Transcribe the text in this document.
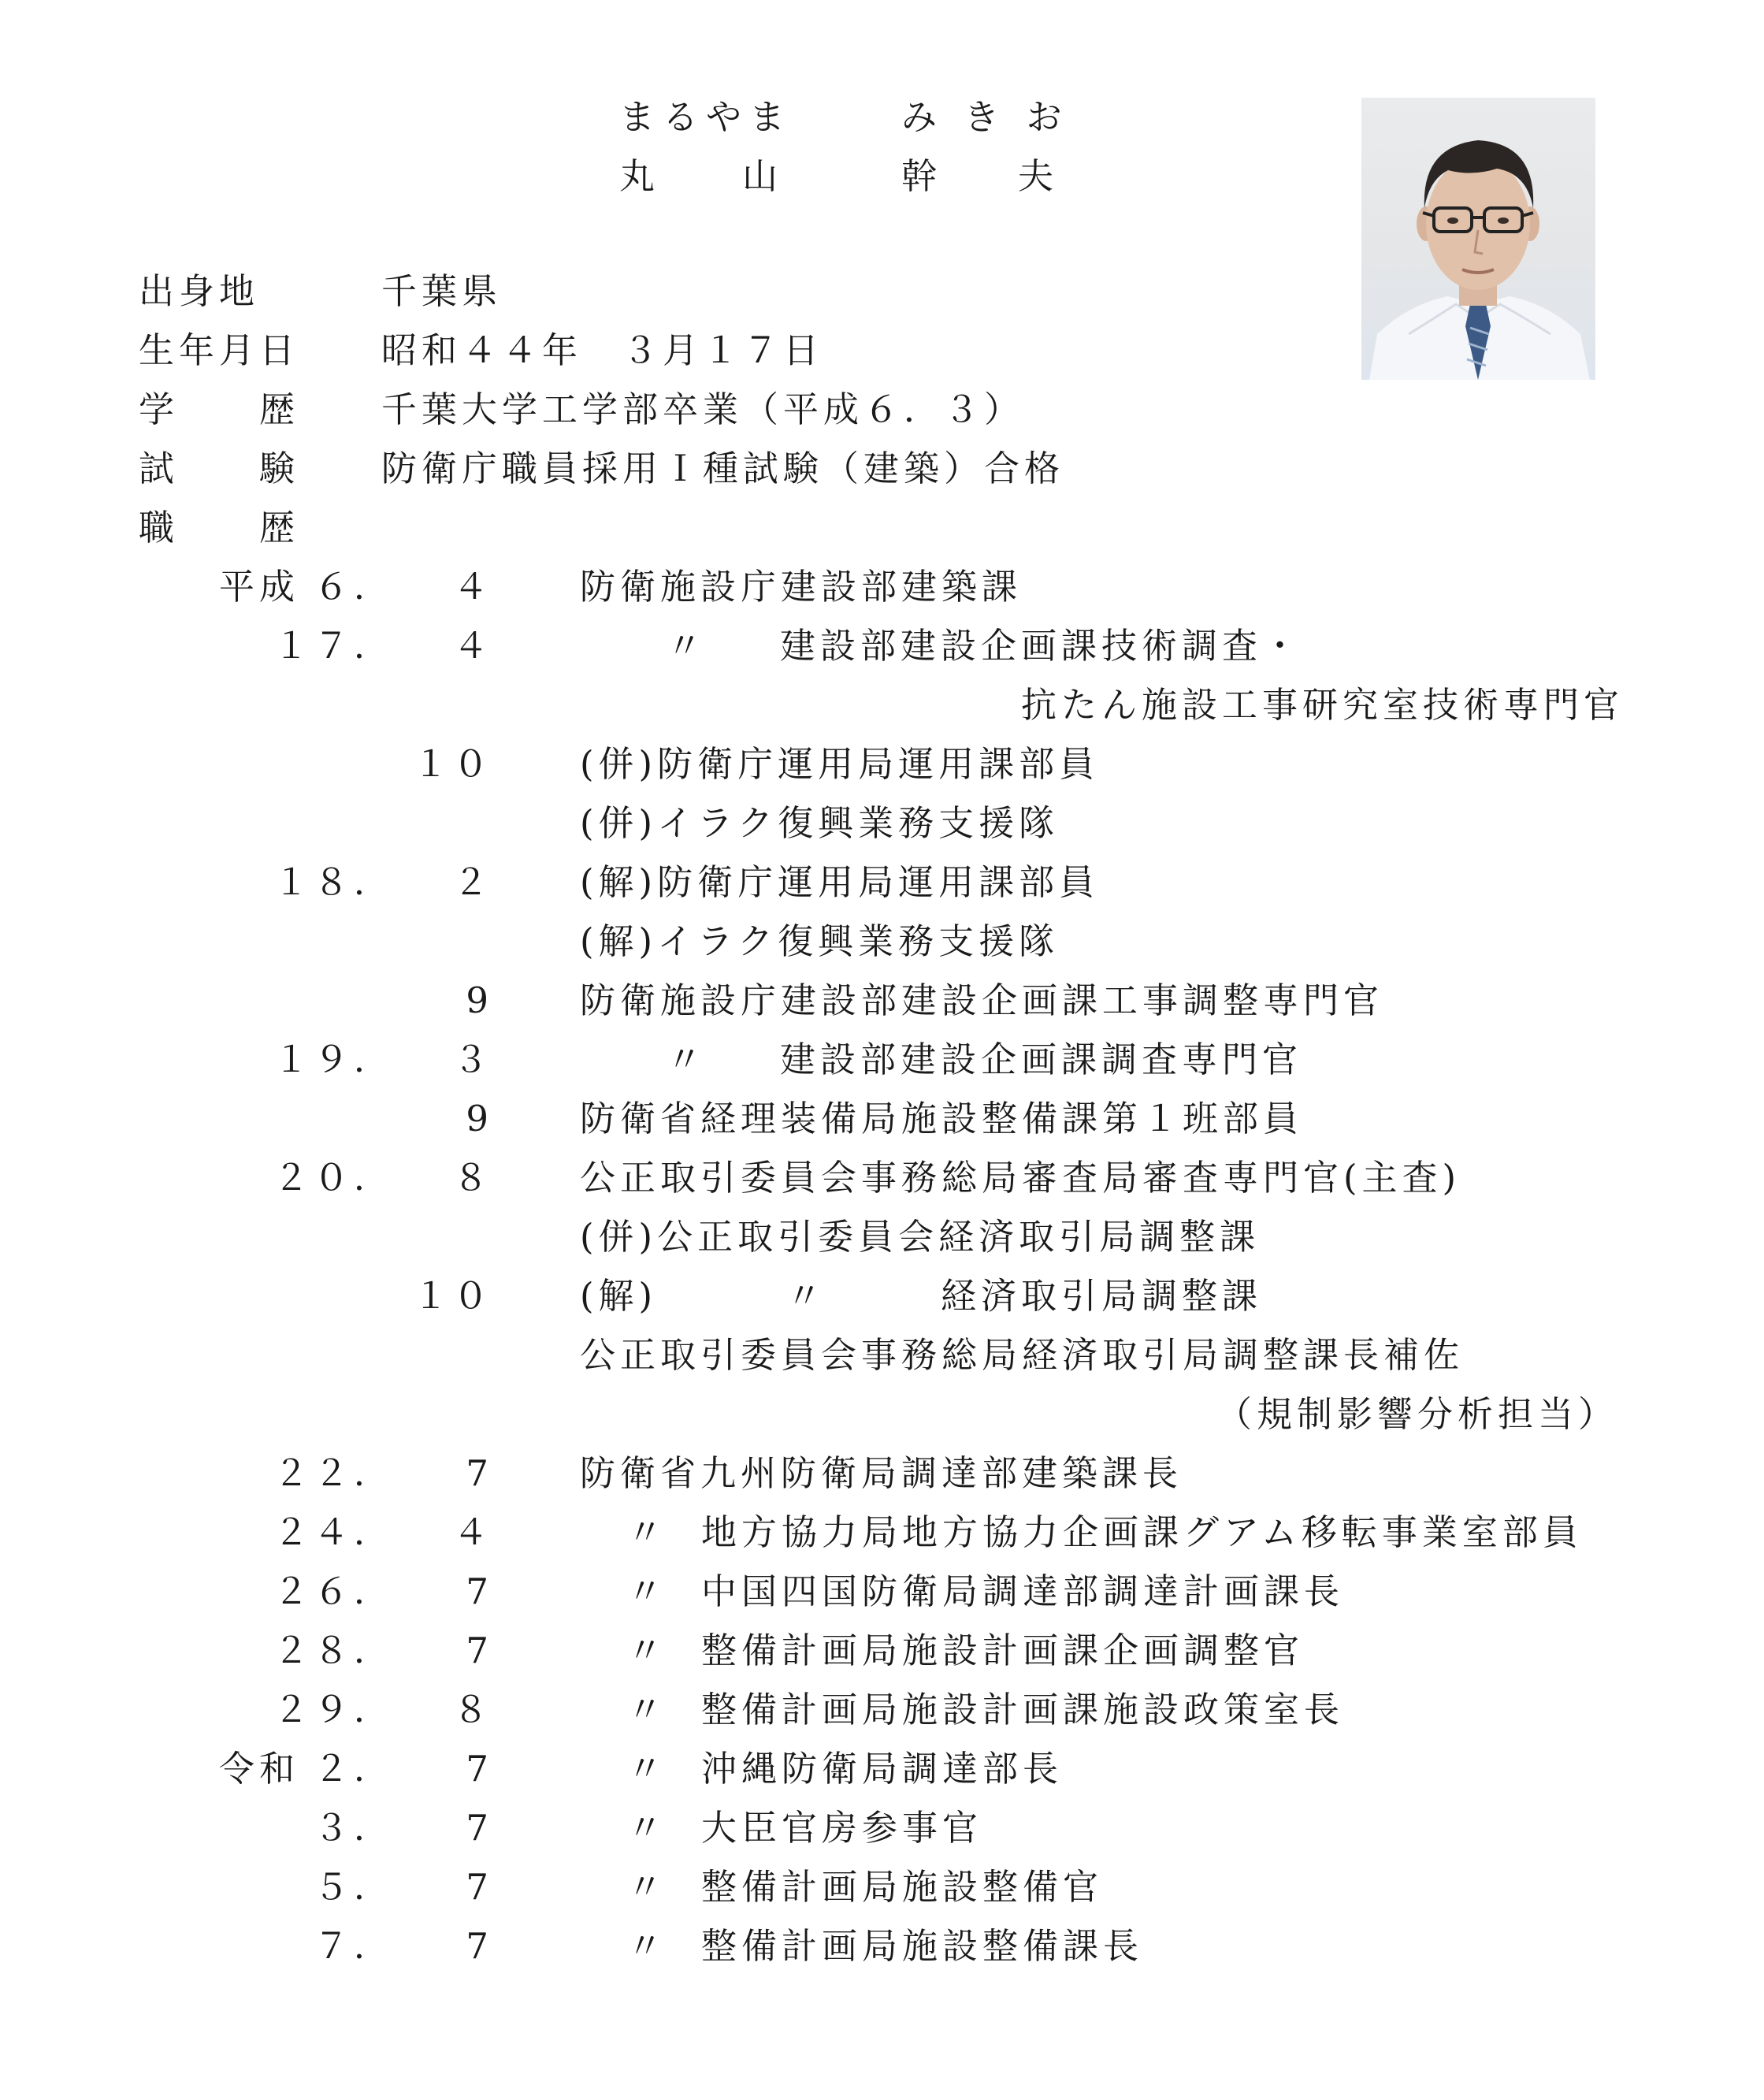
まるやま	み き お
丸 山	幹 夫
出身地	千葉県
生年月日 昭和４４年　３月１７日
学　　歴 千葉大学工学部卒業（平成６．３）
試　　験 防衛庁職員採用Ｉ種試験（建築）合格
職　　歴
平成 ６．	４ 防衛施設庁建設部建築課
１７．	４	〃 建設部建設企画課技術調査・
抗たん施設工事研究室技術専門官
１０ (併)防衛庁運用局運用課部員
(併)イラク復興業務支援隊
１８．	２ (解)防衛庁運用局運用課部員
(解)イラク復興業務支援隊
9 防衛施設庁建設部建設企画課工事調整専門官
１９．	３	〃 建設部建設企画課調査専門官
9 防衛省経理装備局施設整備課第１班部員
２０．	８ 公正取引委員会事務総局審査局審査専門官(主査)
(併)公正取引委員会経済取引局調整課
１０ (解)	〃	経済取引局調整課
公正取引委員会事務総局経済取引局調整課長補佐
（規制影響分析担当）
２２．	7 防衛省九州防衛局調達部建築課長
２４．	４	〃 地方協力局地方協力企画課グアム移転事業室部員
２６．	7	〃 中国四国防衛局調達部調達計画課長
２８．	7	〃 整備計画局施設計画課企画調整官
２９．	８	〃 整備計画局施設計画課施設政策室長
令和 ２．	7	〃 沖縄防衛局調達部長
３．	7	〃 大臣官房参事官
５．	7	〃 整備計画局施設整備官
７．	7	〃 整備計画局施設整備課長
